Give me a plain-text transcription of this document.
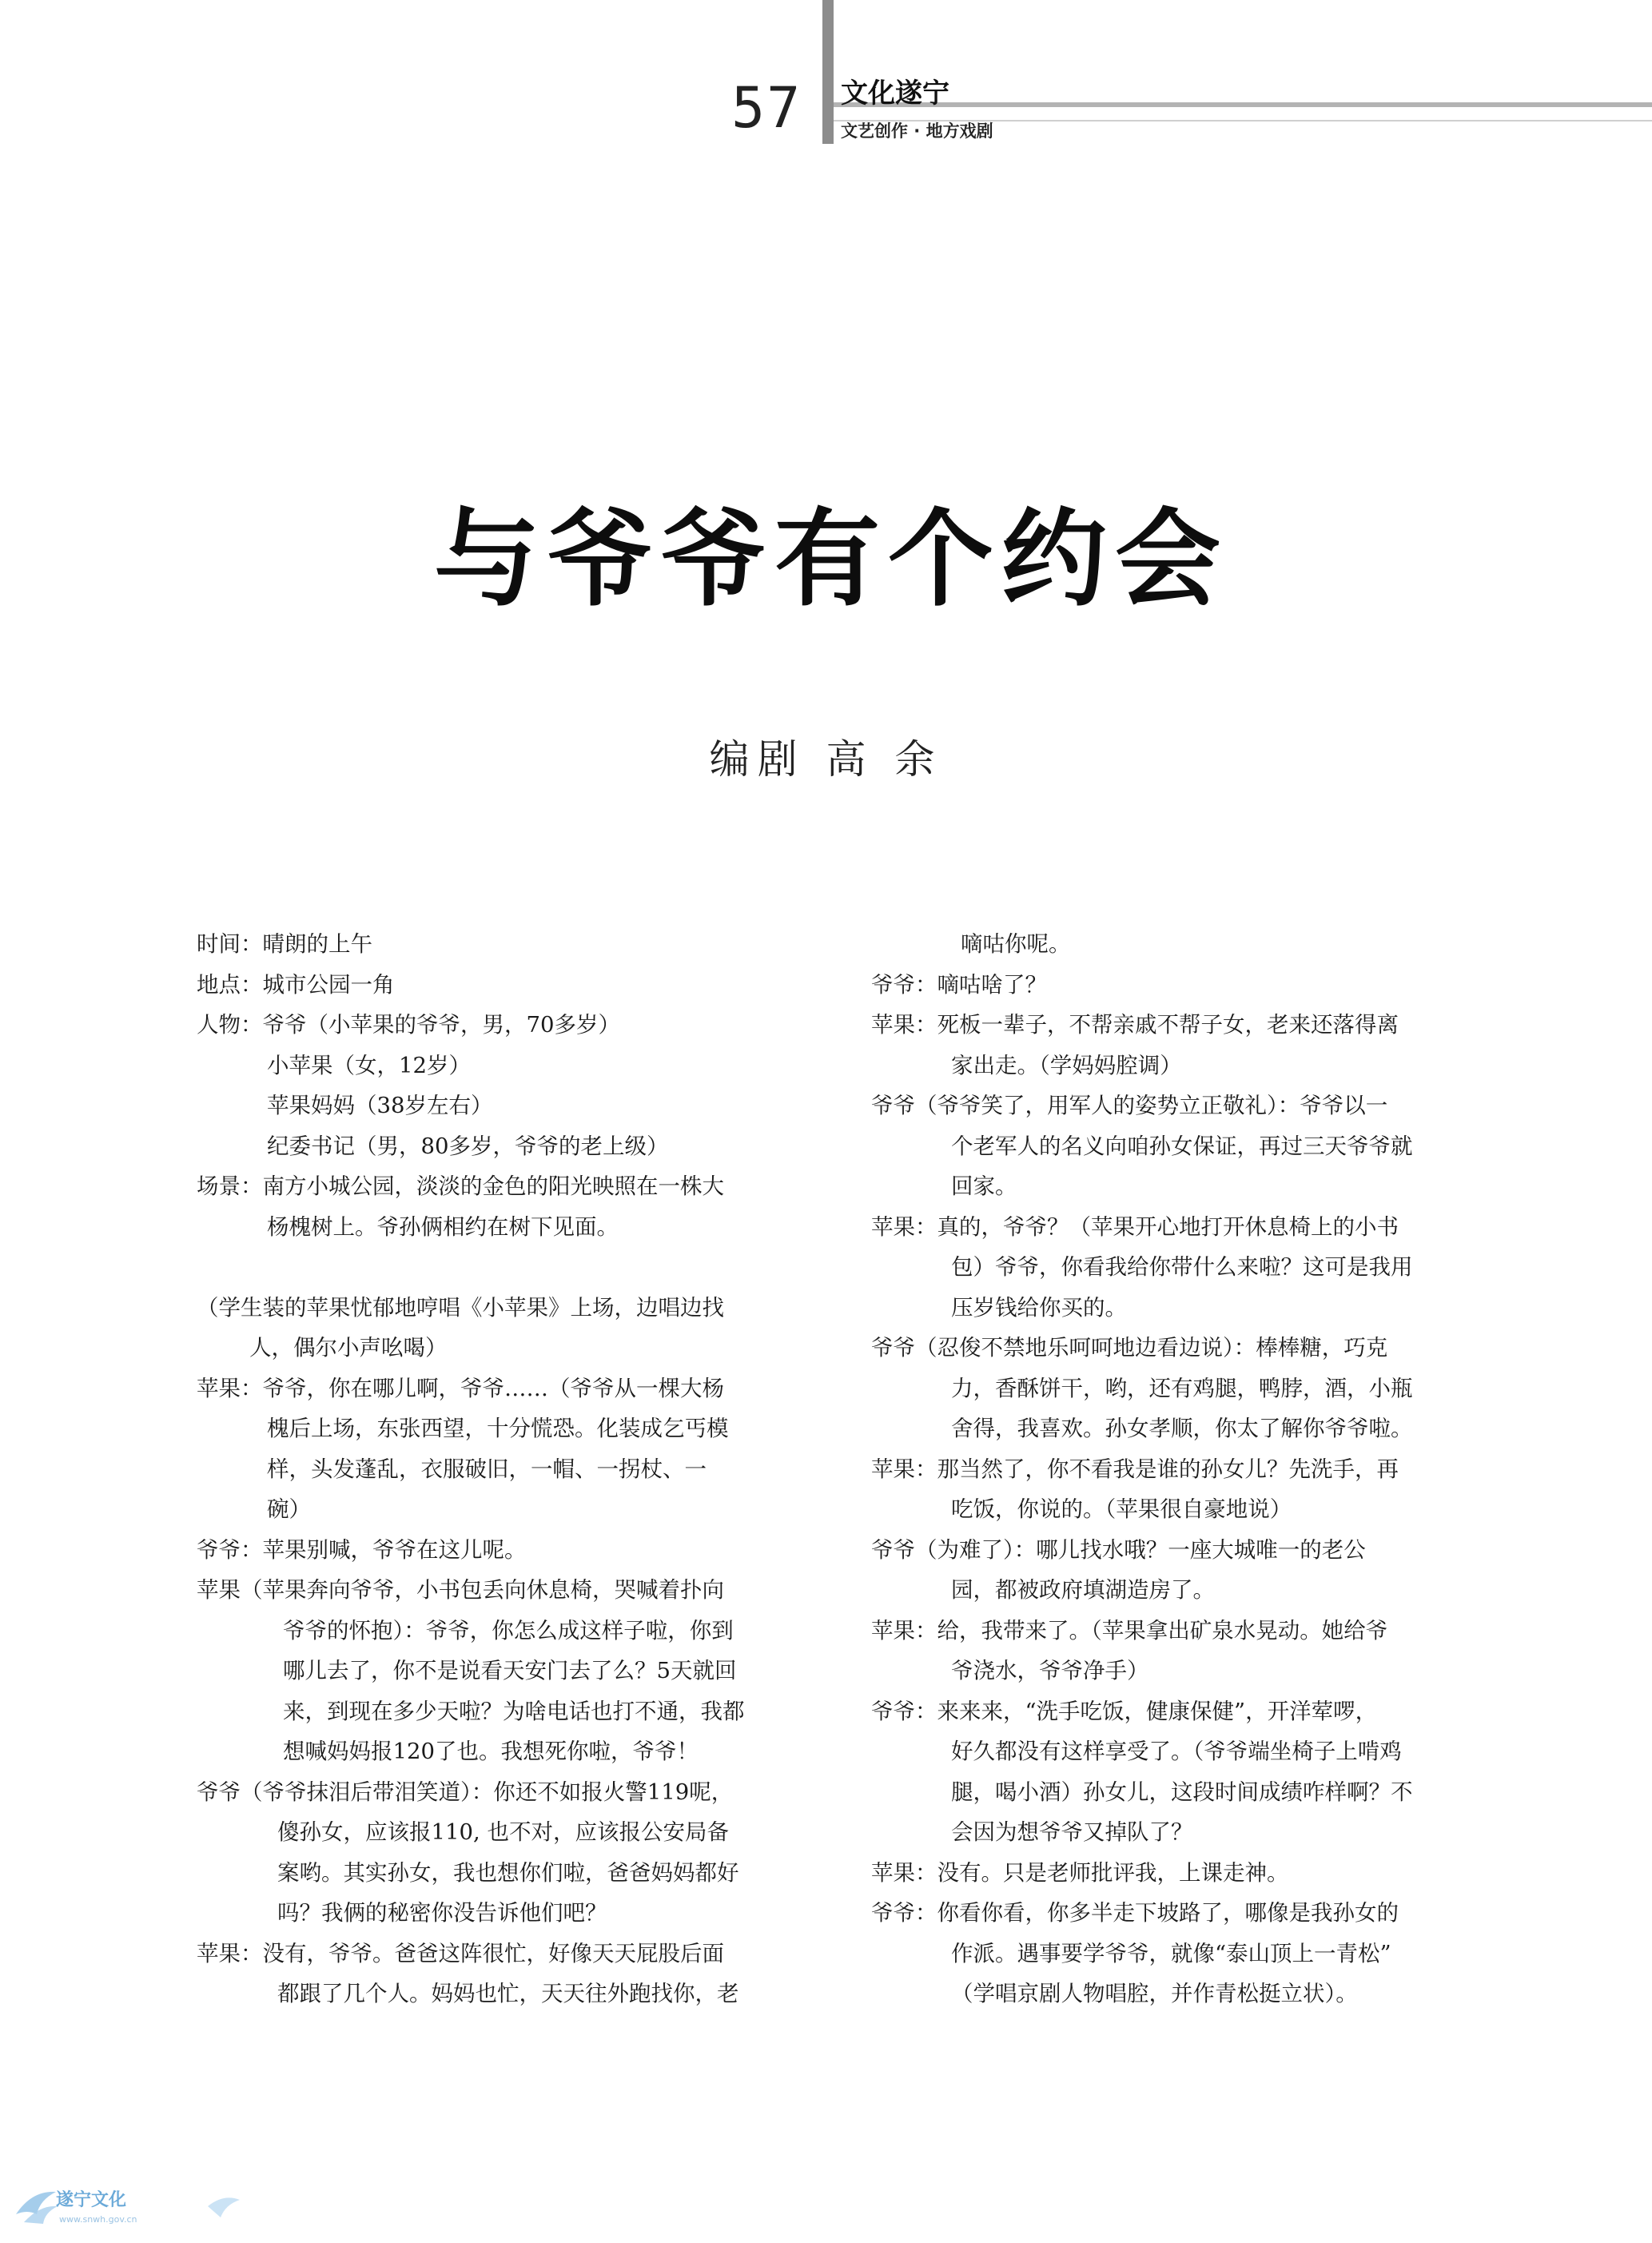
57	文化遂宁
文艺创作 · 地方戏剧
与爷爷有个约会
编剧 高 余
时间：晴朗的上午
地点：城市公园一角
人物：爷爷（小苹果的爷爷，男，70多岁）
小苹果（女，12岁）
苹果妈妈（38岁左右）
纪委书记（男，80多岁，爷爷的老上级）
场景：南方小城公园，淡淡的金色的阳光映照在一株大
杨槐树上。爷孙俩相约在树下见面。
（学生装的苹果忧郁地哼唱《小苹果》上场，边唱边找
人，偶尔小声吆喝）
苹果：爷爷，你在哪儿啊，爷爷……（爷爷从一棵大杨
槐后上场，东张西望，十分慌恐。化装成乞丐模
样，头发蓬乱，衣服破旧，一帽、一拐杖、一
碗）
爷爷：苹果别喊，爷爷在这儿呢。
苹果（苹果奔向爷爷，小书包丢向休息椅，哭喊着扑向
爷爷的怀抱）：爷爷，你怎么成这样子啦，你到
哪儿去了，你不是说看天安门去了么？5天就回
来，到现在多少天啦？为啥电话也打不通，我都
想喊妈妈报120了也。我想死你啦，爷爷！
爷爷（爷爷抹泪后带泪笑道）：你还不如报火警119呢，
傻孙女，应该报110, 也不对，应该报公安局备
案哟。其实孙女，我也想你们啦，爸爸妈妈都好
吗？我俩的秘密你没告诉他们吧？
苹果：没有，爷爷。爸爸这阵很忙，好像天天屁股后面
都跟了几个人。妈妈也忙，天天往外跑找你，老
嘀咕你呢。
爷爷：嘀咕啥了？
苹果：死板一辈子，不帮亲戚不帮子女，老来还落得离
家出走。（学妈妈腔调）
爷爷（爷爷笑了，用军人的姿势立正敬礼）：爷爷以一
个老军人的名义向咱孙女保证，再过三天爷爷就
回家。
苹果：真的，爷爷？（苹果开心地打开休息椅上的小书
包）爷爷，你看我给你带什么来啦？这可是我用
压岁钱给你买的。
爷爷（忍俊不禁地乐呵呵地边看边说）：棒棒糖，巧克
力，香酥饼干，哟，还有鸡腿，鸭脖，酒，小瓶
舍得，我喜欢。孙女孝顺，你太了解你爷爷啦。
苹果：那当然了，你不看我是谁的孙女儿？先洗手，再
吃饭，你说的。（苹果很自豪地说）
爷爷（为难了）：哪儿找水哦？一座大城唯一的老公
园，都被政府填湖造房了。
苹果：给，我带来了。（苹果拿出矿泉水晃动。她给爷
爷浇水，爷爷净手）
爷爷：来来来，“洗手吃饭，健康保健”，开洋荤啰，
好久都没有这样享受了。（爷爷端坐椅子上啃鸡
腿，喝小酒）孙女儿，这段时间成绩咋样啊？不
会因为想爷爷又掉队了？
苹果：没有。只是老师批评我，上课走神。
爷爷：你看你看，你多半走下坡路了，哪像是我孙女的
作派。遇事要学爷爷，就像“泰山顶上一青松”
（学唱京剧人物唱腔，并作青松挺立状）。
遂宁文化
www.snwh.gov.cn
